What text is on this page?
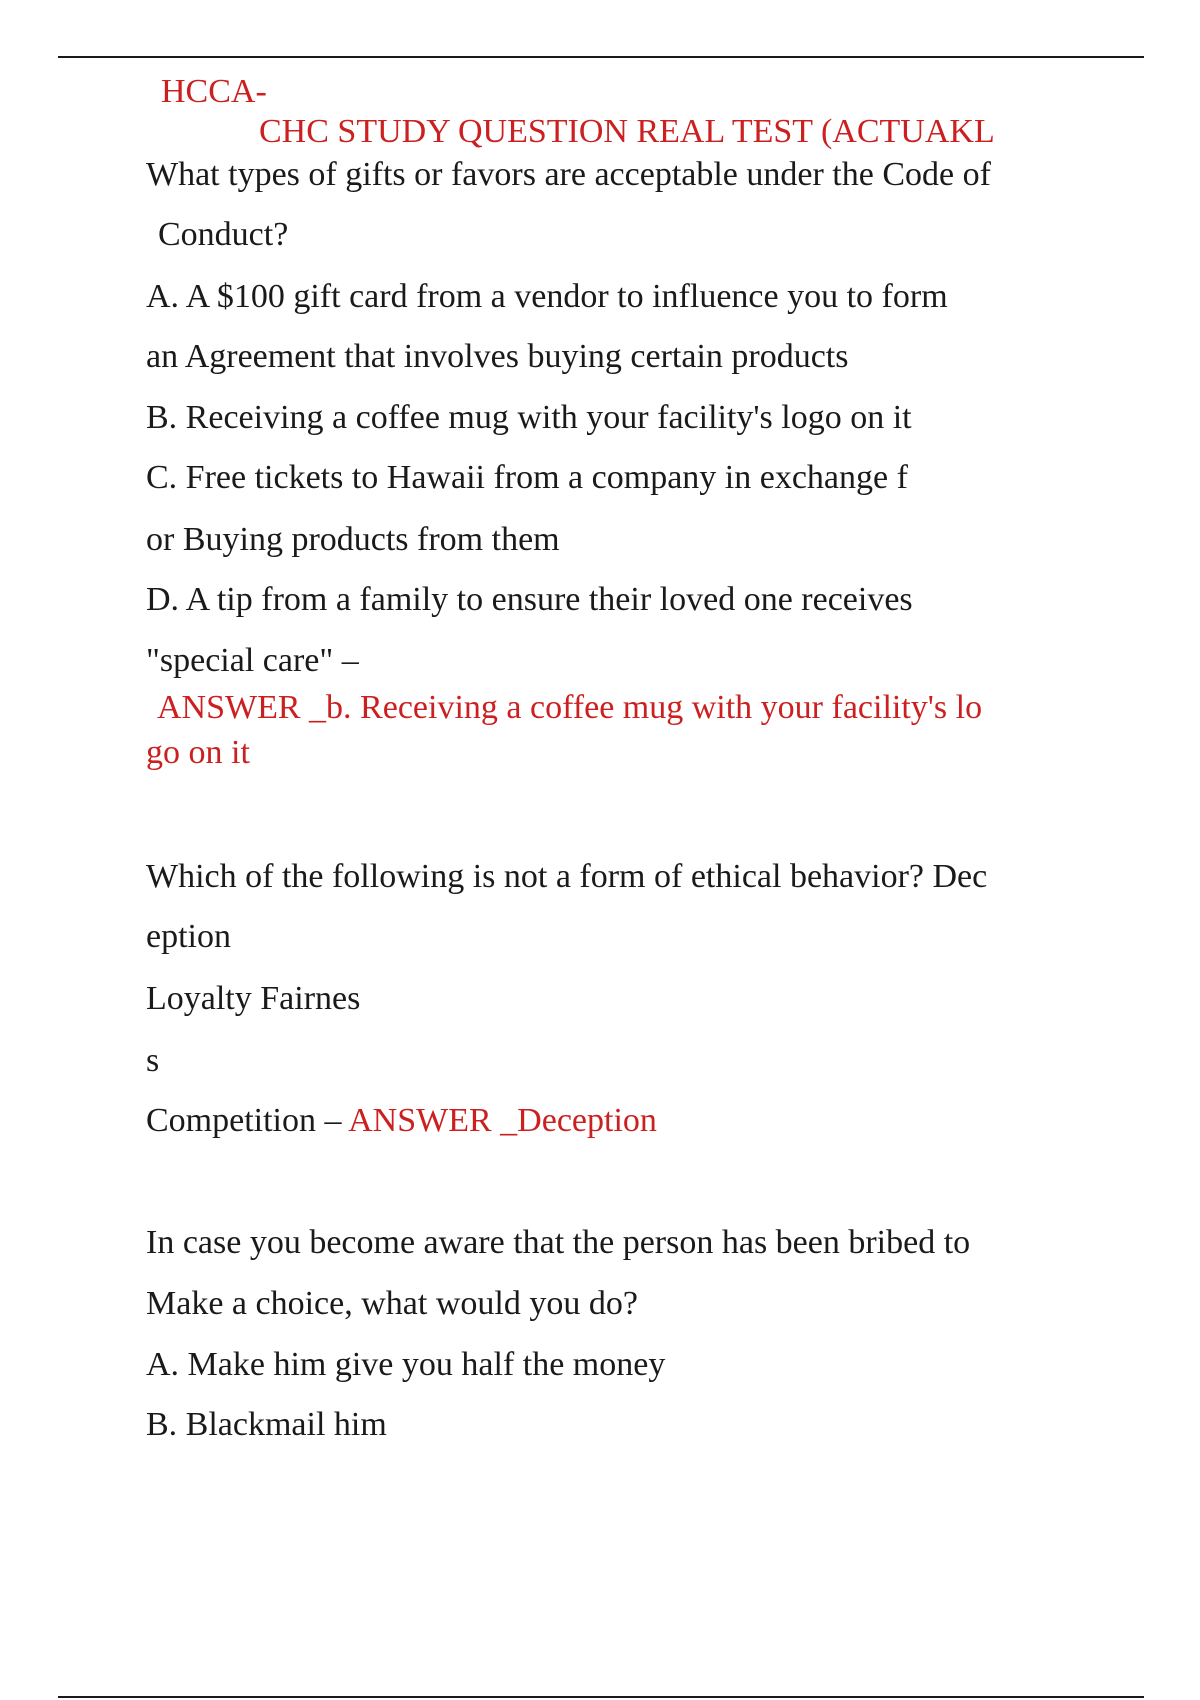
HCCA-
CHC STUDY QUESTION REAL TEST (ACTUAKL
What types of gifts or favors are acceptable under the Code of
Conduct?
A. A $100 gift card from a vendor to influence you to form
an Agreement that involves buying certain products
B. Receiving a coffee mug with your facility's logo on it
C. Free tickets to Hawaii from a company in exchange f
or Buying products from them
D. A tip from a family to ensure their loved one receives
"special care" –
ANSWER _b. Receiving a coffee mug with your facility's lo
go on it
Which of the following is not a form of ethical behavior? Dec
eption
Loyalty Fairnes
s
Competition – ANSWER _Deception
In case you become aware that the person has been bribed to
Make a choice, what would you do?
A. Make him give you half the money
B. Blackmail him
